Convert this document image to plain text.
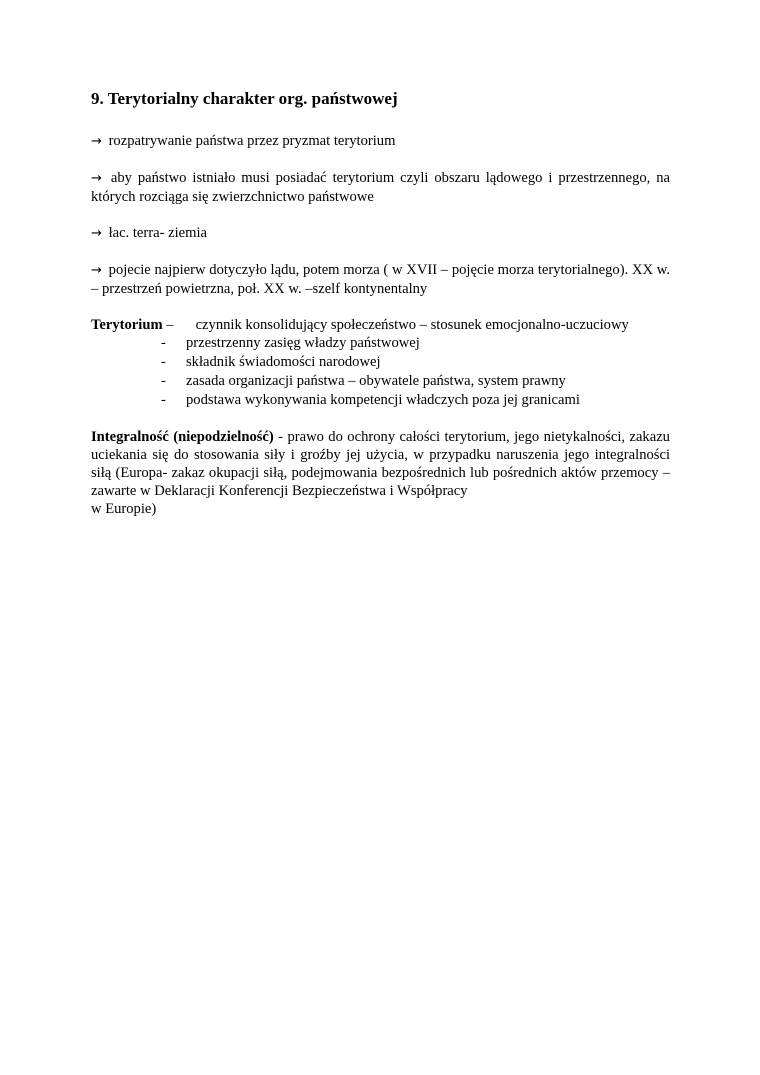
9. Terytorialny charakter org. państwowej

→ rozpatrywanie państwa przez pryzmat terytorium

→ aby państwo istniało musi posiadać terytorium czyli obszaru lądowego i przestrzennego, na których rozciąga się zwierzchnictwo państwowe

→ łac. terra- ziemia

→ pojecie najpierw dotyczyło lądu, potem morza ( w XVII – pojęcie morza terytorialnego). XX w. – przestrzeń powietrzna, poł. XX w. –szelf kontynentalny

Terytorium – czynnik konsolidujący społeczeństwo – stosunek emocjonalno-uczuciowy

- przestrzenny zasięg władzy państwowej
- składnik świadomości narodowej
- zasada organizacji państwa – obywatele państwa, system prawny
- podstawa wykonywania kompetencji władczych poza jej granicami

Integralność (niepodzielność) - prawo do ochrony całości terytorium, jego nietykalności, zakazu uciekania się do stosowania siły i groźby jej użycia, w przypadku naruszenia jego integralności siłą (Europa- zakaz okupacji siłą, podejmowania bezpośrednich lub pośrednich aktów przemocy –zawarte w Deklaracji Konferencji Bezpieczeństwa i Współpracy
w Europie)
